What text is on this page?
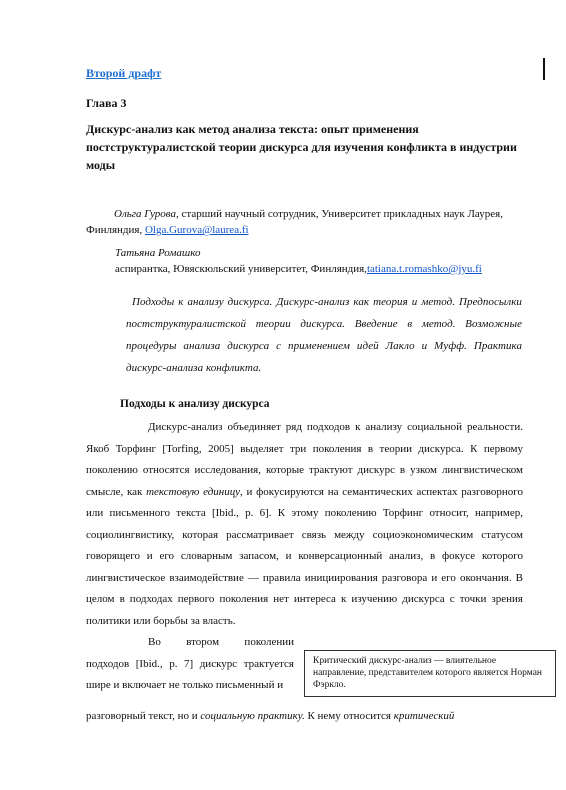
Второй драфт
Глава 3
Дискурс-анализ как метод анализа текста: опыт применения постструктуралистской теории дискурса для изучения конфликта в индустрии моды
Ольга Гурова, старший научный сотрудник, Университет прикладных наук Лаурея, Финляндия, Olga.Gurova@laurea.fi
Татьяна Ромашко
аспирантка, Ювяскюльский университет, Финляндия,tatiana.t.romashko@jyu.fi
Подходы к анализу дискурса. Дискурс-анализ как теория и метод. Предпосылки постструктуралистской теории дискурса. Введение в метод. Возможные процедуры анализа дискурса с применением идей Лакло и Муфф. Практика дискурс-анализа конфликта.
Подходы к анализу дискурса
Дискурс-анализ объединяет ряд подходов к анализу социальной реальности. Якоб Торфинг [Torfing, 2005] выделяет три поколения в теории дискурса. К первому поколению относятся исследования, которые трактуют дискурс в узком лингвистическом смысле, как текстовую единицу, и фокусируются на семантических аспектах разговорного или письменного текста [Ibid., p. 6]. К этому поколению Торфинг относит, например, социолингвистику, которая рассматривает связь между социоэкономическим статусом говорящего и его словарным запасом, и конверсационный анализ, в фокусе которого лингвистическое взаимодействие — правила инициирования разговора и его окончания. В целом в подходах первого поколения нет интереса к изучению дискурса с точки зрения политики или борьбы за власть.
Во втором поколении подходов [Ibid., p. 7] дискурс трактуется шире и включает не только письменный и
разговорный текст, но и социальную практику. К нему относится критический
Критический дискурс-анализ — влиятельное направление, представителем которого является Норман Фэркло.
